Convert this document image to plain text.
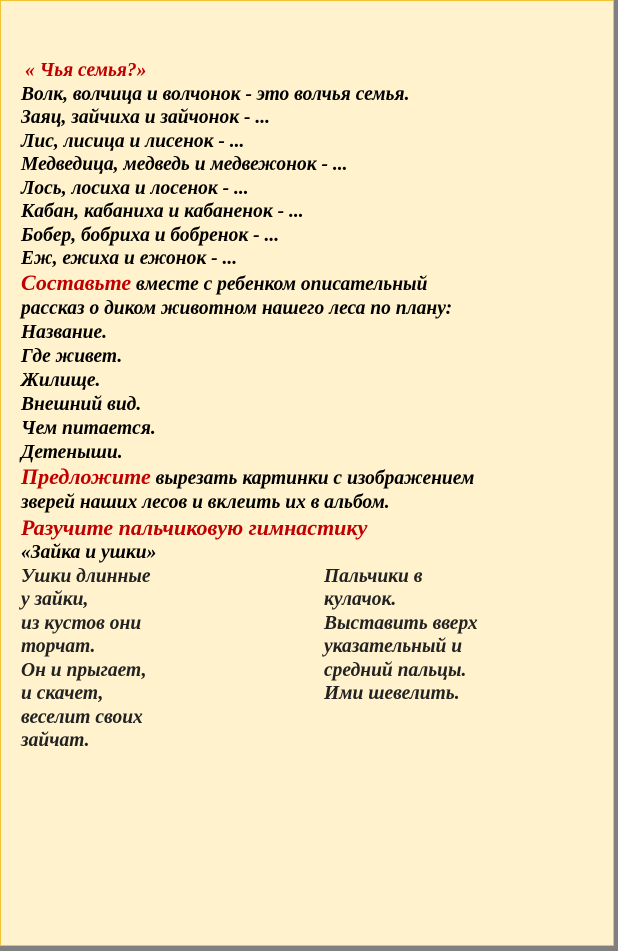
« Чья семья?»
Волк, волчица и волчонок - это волчья семья.
Заяц, зайчиха и зайчонок - ...
Лис, лисица и лисенок - ...
Медведица, медведь и медвежонок - ...
Лось, лосиха и лосенок - ...
Кабан, кабаниха и кабаненок - ...
Бобер, бобриха и бобренок - ...
Еж, ежиха и ежонок - ...
Составьте вместе с ребенком описательный
рассказ о диком животном нашего леса по плану:
Название.
Где живет.
Жилище.
Внешний вид.
Чем питается.
Детеныши.
Предложите вырезать картинки с изображением
зверей наших лесов и вклеить их в альбом.
Разучите пальчиковую гимнастику
«Зайка и ушки»
Ушки длинные
у зайки,
из кустов они
торчат.
Он и прыгает,
и скачет,
веселит своих
зайчат.
Пальчики в
кулачок.
Выставить вверх
указательный и
средний пальцы.
Ими шевелить.
